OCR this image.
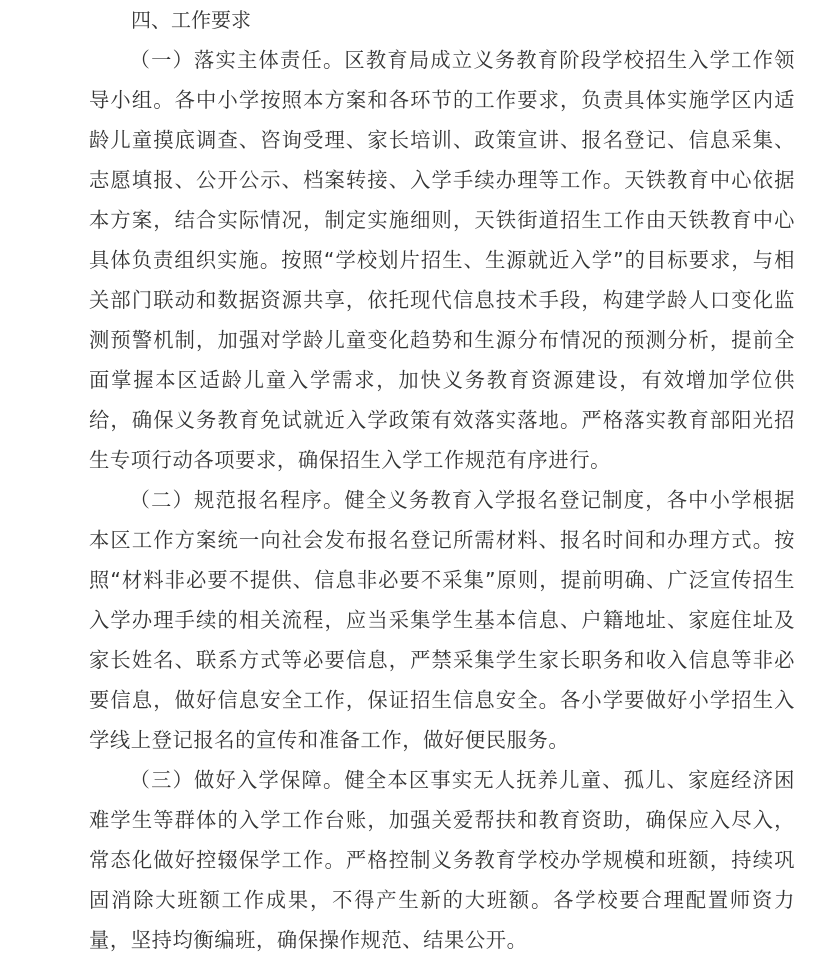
四、工作要求

（一）落实主体责任。区教育局成立义务教育阶段学校招生入学工作领导小组。各中小学按照本方案和各环节的工作要求，负责具体实施学区内适龄儿童摸底调查、咨询受理、家长培训、政策宣讲、报名登记、信息采集、志愿填报、公开公示、档案转接、入学手续办理等工作。天铁教育中心依据本方案，结合实际情况，制定实施细则，天铁街道招生工作由天铁教育中心具体负责组织实施。按照“学校划片招生、生源就近入学”的目标要求，与相关部门联动和数据资源共享，依托现代信息技术手段，构建学龄人口变化监测预警机制，加强对学龄儿童变化趋势和生源分布情况的预测分析，提前全面掌握本区适龄儿童入学需求，加快义务教育资源建设，有效增加学位供给，确保义务教育免试就近入学政策有效落实落地。严格落实教育部阳光招生专项行动各项要求，确保招生入学工作规范有序进行。

（二）规范报名程序。健全义务教育入学报名登记制度，各中小学根据本区工作方案统一向社会发布报名登记所需材料、报名时间和办理方式。按照“材料非必要不提供、信息非必要不采集”原则，提前明确、广泛宣传招生入学办理手续的相关流程，应当采集学生基本信息、户籍地址、家庭住址及家长姓名、联系方式等必要信息，严禁采集学生家长职务和收入信息等非必要信息，做好信息安全工作，保证招生信息安全。各小学要做好小学招生入学线上登记报名的宣传和准备工作，做好便民服务。

（三）做好入学保障。健全本区事实无人抚养儿童、孤儿、家庭经济困难学生等群体的入学工作台账，加强关爱帮扶和教育资助，确保应入尽入，常态化做好控辍保学工作。严格控制义务教育学校办学规模和班额，持续巩固消除大班额工作成果，不得产生新的大班额。各学校要合理配置师资力量，坚持均衡编班，确保操作规范、结果公开。
